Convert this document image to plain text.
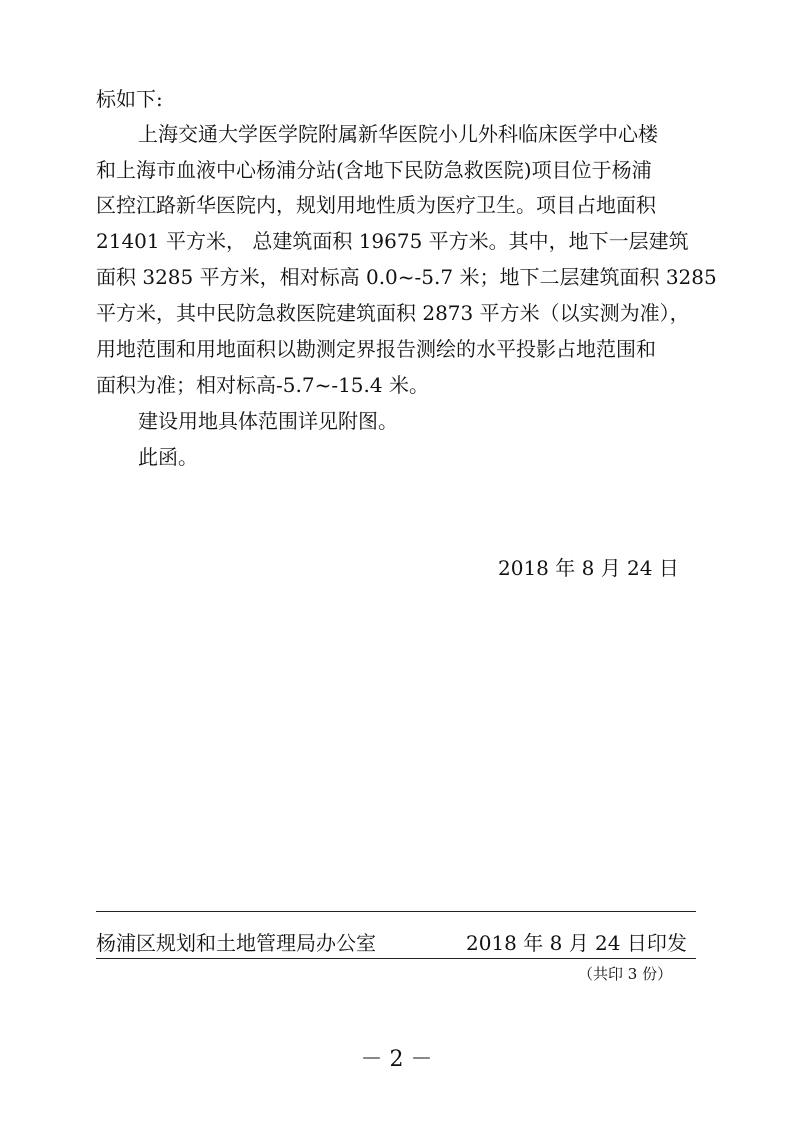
标如下:
上海交通大学医学院附属新华医院小儿外科临床医学中心楼
和上海市血液中心杨浦分站(含地下民防急救医院)项目位于杨浦
区控江路新华医院内，规划用地性质为医疗卫生。项目占地面积
21401 平方米， 总建筑面积 19675 平方米。其中，地下一层建筑
面积 3285 平方米，相对标高 0.0~-5.7 米；地下二层建筑面积 3285
平方米，其中民防急救医院建筑面积 2873 平方米（以实测为准），
用地范围和用地面积以勘测定界报告测绘的水平投影占地范围和
面积为准；相对标高-5.7~-15.4 米。
建设用地具体范围详见附图。
此函。
2018 年 8 月 24 日
杨浦区规划和土地管理局办公室	2018 年 8 月 24 日印发
（共印 3 份）
－ 2 －
